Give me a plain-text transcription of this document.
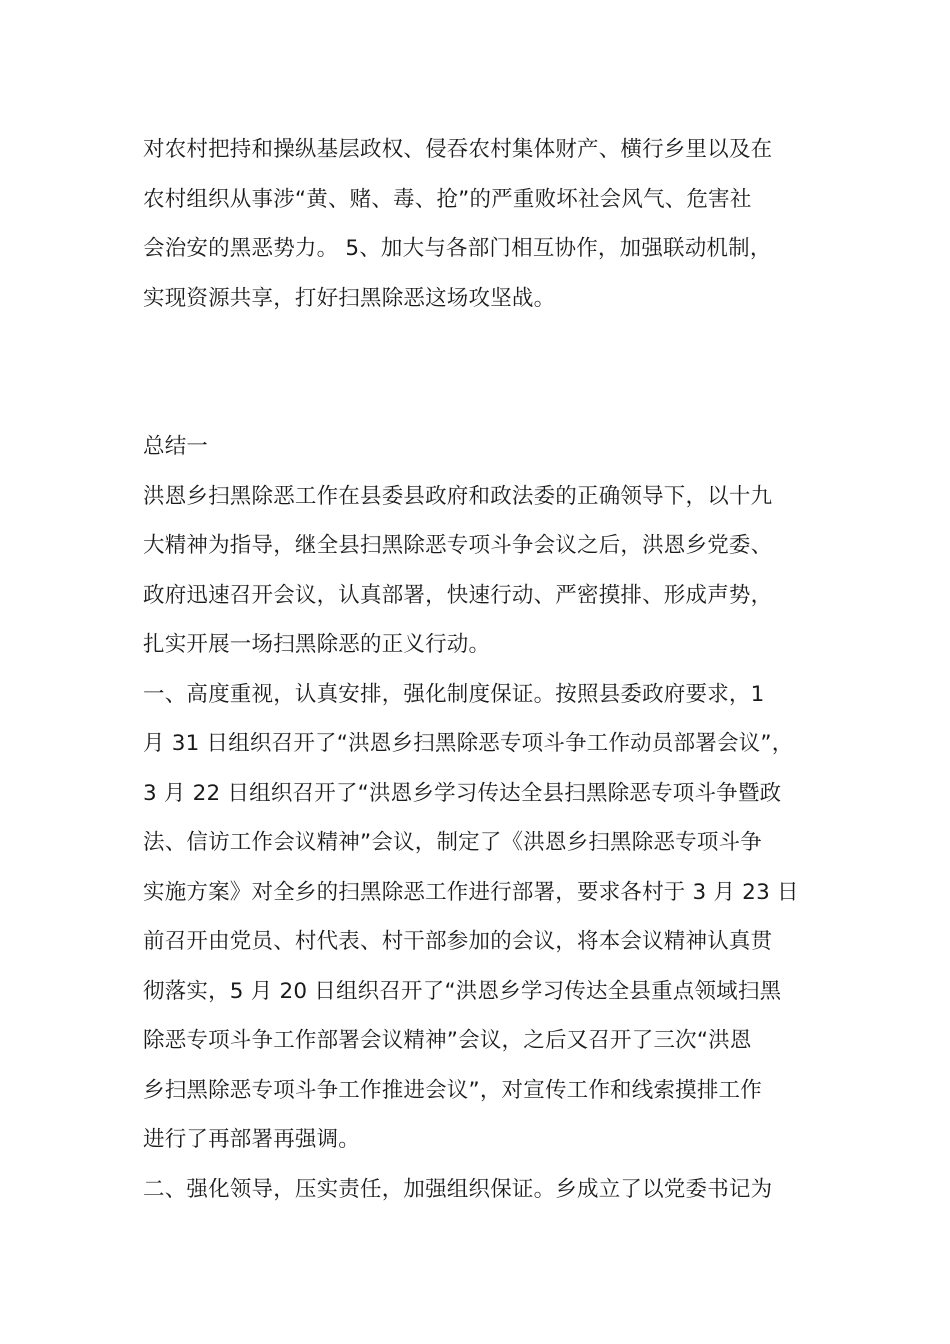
对农村把持和操纵基层政权、侵吞农村集体财产、横行乡里以及在
农村组织从事涉“黄、赌、毒、抢”的严重败坏社会风气、危害社
会治安的黑恶势力。 5、加大与各部门相互协作，加强联动机制，
实现资源共享，打好扫黑除恶这场攻坚战。
总结一
洪恩乡扫黑除恶工作在县委县政府和政法委的正确领导下，以十九
大精神为指导，继全县扫黑除恶专项斗争会议之后，洪恩乡党委、
政府迅速召开会议，认真部署，快速行动、严密摸排、形成声势，
扎实开展一场扫黑除恶的正义行动。
一、高度重视，认真安排，强化制度保证。按照县委政府要求，1
月 31 日组织召开了“洪恩乡扫黑除恶专项斗争工作动员部署会议”，
3 月 22 日组织召开了“洪恩乡学习传达全县扫黑除恶专项斗争暨政
法、信访工作会议精神”会议，制定了《洪恩乡扫黑除恶专项斗争
实施方案》对全乡的扫黑除恶工作进行部署，要求各村于 3 月 23 日
前召开由党员、村代表、村干部参加的会议，将本会议精神认真贯
彻落实，5 月 20 日组织召开了“洪恩乡学习传达全县重点领域扫黑
除恶专项斗争工作部署会议精神”会议，之后又召开了三次“洪恩
乡扫黑除恶专项斗争工作推进会议”，对宣传工作和线索摸排工作
进行了再部署再强调。
二、强化领导，压实责任，加强组织保证。乡成立了以党委书记为
